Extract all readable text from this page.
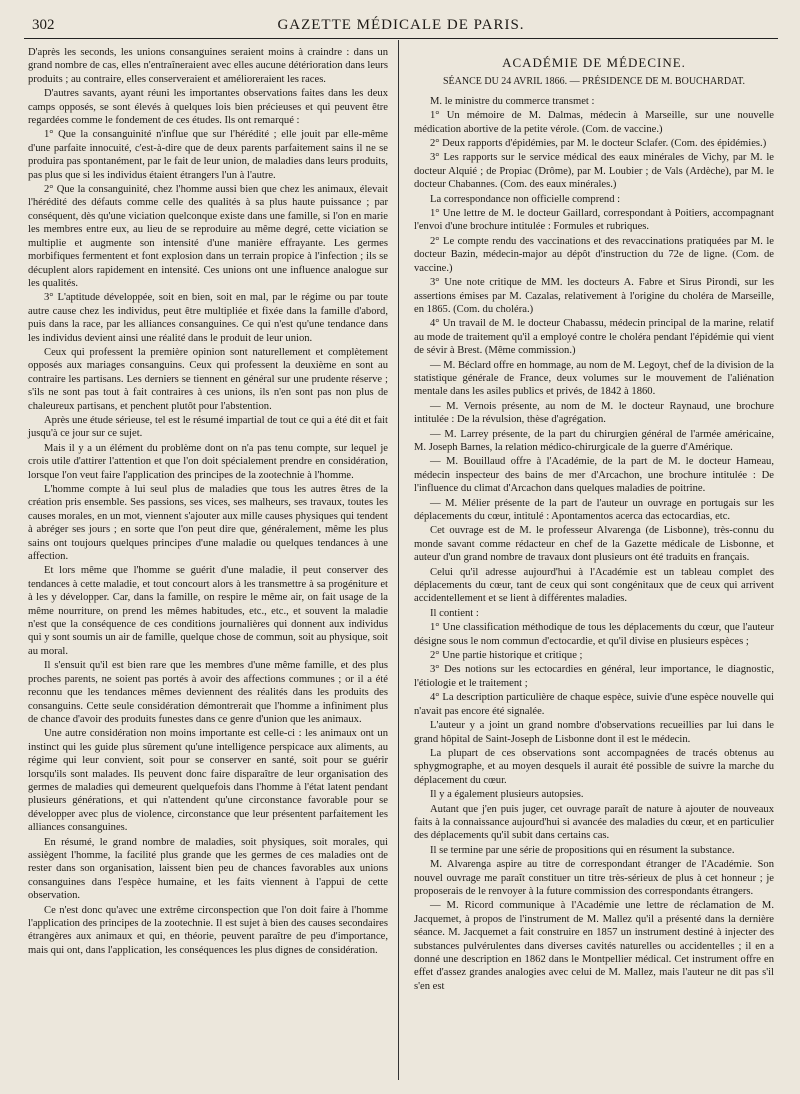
302	GAZETTE MÉDICALE DE PARIS.

D'après les seconds, les unions consanguines seraient moins à craindre : dans un grand nombre de cas, elles n'entraîneraient avec elles aucune détérioration dans leurs produits ; au contraire, elles conserveraient et amélioreraient les races.

D'autres savants, ayant réuni les importantes observations faites dans les deux camps opposés, se sont élevés à quelques lois bien précieuses et qui peuvent être regardées comme le fondement de ces études. Ils ont remarqué :

1° Que la consanguinité n'influe que sur l'hérédité ; elle jouit par elle-même d'une parfaite innocuité, c'est-à-dire que de deux parents parfaitement sains il ne se produira pas spontanément, par le fait de leur union, de maladies dans leurs produits, pas plus que si les individus étaient étrangers l'un à l'autre.

2° Que la consanguinité, chez l'homme aussi bien que chez les animaux, élevait l'hérédité des défauts comme celle des qualités à sa plus haute puissance ; par conséquent, dès qu'une viciation quelconque existe dans une famille, si l'on en marie les membres entre eux, au lieu de se reproduire au même degré, cette viciation se multiplie et augmente son intensité d'une manière effrayante. Les germes morbifiques fermentent et font explosion dans un terrain propice à l'infection ; ils se décuplent alors rapidement en intensité. Ces unions ont une influence analogue sur les qualités.

3° L'aptitude développée, soit en bien, soit en mal, par le régime ou par toute autre cause chez les individus, peut être multipliée et fixée dans la famille d'abord, puis dans la race, par les alliances consanguines. Ce qui n'est qu'une tendance dans les individus devient ainsi une réalité dans le produit de leur union.

Ceux qui professent la première opinion sont naturellement et complètement opposés aux mariages consanguins. Ceux qui professent la deuxième en sont au contraire les partisans. Les derniers se tiennent en général sur une prudente réserve ; s'ils ne sont pas tout à fait contraires à ces unions, ils n'en sont pas non plus de chaleureux partisans, et penchent plutôt pour l'abstention.

Après une étude sérieuse, tel est le résumé impartial de tout ce qui a été dit et fait jusqu'à ce jour sur ce sujet.

Mais il y a un élément du problème dont on n'a pas tenu compte, sur lequel je crois utile d'attirer l'attention et que l'on doit spécialement prendre en considération, lorsque l'on veut faire l'application des principes de la zootechnie à l'homme.

L'homme compte à lui seul plus de maladies que tous les autres êtres de la création pris ensemble. Ses passions, ses vices, ses malheurs, ses travaux, toutes les causes morales, en un mot, viennent s'ajouter aux mille causes physiques qui tendent à abréger ses jours ; en sorte que l'on peut dire que, généralement, même les plus sains ont toujours quelques principes d'une maladie ou quelques tendances à une affection.

Et lors même que l'homme se guérit d'une maladie, il peut conserver des tendances à cette maladie, et tout concourt alors à les transmettre à sa progéniture et à les y développer. Car, dans la famille, on respire le même air, on fait usage de la même nourriture, on prend les mêmes habitudes, etc., etc., et souvent la maladie n'est que la conséquence de ces conditions journalières qui donnent aux individus qui y sont soumis un air de famille, quelque chose de commun, soit au physique, soit au moral.

Il s'ensuit qu'il est bien rare que les membres d'une même famille, et des plus proches parents, ne soient pas portés à avoir des affections communes ; or il a été reconnu que les tendances mêmes deviennent des réalités dans les produits des consanguins. Cette seule considération démontrerait que l'homme a infiniment plus de chance d'avoir des produits funestes dans ce genre d'union que les animaux.

Une autre considération non moins importante est celle-ci : les animaux ont un instinct qui les guide plus sûrement qu'une intelligence perspicace aux aliments, au régime qui leur convient, soit pour se conserver en santé, soit pour se guérir lorsqu'ils sont malades. Ils peuvent donc faire disparaître de leur organisation des germes de maladies qui demeurent quelquefois dans l'homme à l'état latent pendant plusieurs générations, et qui n'attendent qu'une circonstance favorable pour se développer avec plus de violence, circonstance que leur présentent parfaitement les alliances consanguines.

En résumé, le grand nombre de maladies, soit physiques, soit morales, qui assiègent l'homme, la facilité plus grande que les germes de ces maladies ont de rester dans son organisation, laissent bien peu de chances favorables aux unions consanguines dans l'espèce humaine, et les faits viennent à l'appui de cette observation.

Ce n'est donc qu'avec une extrême circonspection que l'on doit faire à l'homme l'application des principes de la zootechnie. Il est sujet à bien des causes secondaires étrangères aux animaux et qui, en théorie, peuvent paraître de peu d'importance, mais qui ont, dans l'application, les conséquences les plus dignes de considération.

ACADÉMIE DE MÉDECINE.
SÉANCE DU 24 AVRIL 1866. — PRÉSIDENCE DE M. BOUCHARDAT.

M. le ministre du commerce transmet :

1° Un mémoire de M. Dalmas, médecin à Marseille, sur une nouvelle médication abortive de la petite vérole. (Com. de vaccine.)

2° Deux rapports d'épidémies, par M. le docteur Sclafer. (Com. des épidémies.)

3° Les rapports sur le service médical des eaux minérales de Vichy, par M. le docteur Alquié ; de Propiac (Drôme), par M. Loubier ; de Vals (Ardèche), par M. le docteur Chabannes. (Com. des eaux minérales.)

La correspondance non officielle comprend :

1° Une lettre de M. le docteur Gaillard, correspondant à Poitiers, accompagnant l'envoi d'une brochure intitulée : Formules et rubriques.

2° Le compte rendu des vaccinations et des revaccinations pratiquées par M. le docteur Bazin, médecin-major au dépôt d'instruction du 72e de ligne. (Com. de vaccine.)

3° Une note critique de MM. les docteurs A. Fabre et Sirus Pirondi, sur les assertions émises par M. Cazalas, relativement à l'origine du choléra de Marseille, en 1865. (Com. du choléra.)

4° Un travail de M. le docteur Chabassu, médecin principal de la marine, relatif au mode de traitement qu'il a employé contre le choléra pendant l'épidémie qui vient de sévir à Brest. (Même commission.)

— M. Béclard offre en hommage, au nom de M. Legoyt, chef de la division de la statistique générale de France, deux volumes sur le mouvement de l'aliénation mentale dans les asiles publics et privés, de 1842 à 1860.

— M. Vernois présente, au nom de M. le docteur Raynaud, une brochure intitulée : De la révulsion, thèse d'agrégation.

— M. Larrey présente, de la part du chirurgien général de l'armée américaine, M. Joseph Barnes, la relation médico-chirurgicale de la guerre d'Amérique.

— M. Bouillaud offre à l'Académie, de la part de M. le docteur Hameau, médecin inspecteur des bains de mer d'Arcachon, une brochure intitulée : De l'influence du climat d'Arcachon dans quelques maladies de poitrine.

— M. Mélier présente de la part de l'auteur un ouvrage en portugais sur les déplacements du cœur, intitulé : Apontamentos acerca das ectocardias, etc.

Cet ouvrage est de M. le professeur Alvarenga (de Lisbonne), très-connu du monde savant comme rédacteur en chef de la Gazette médicale de Lisbonne, et auteur d'un grand nombre de travaux dont plusieurs ont été traduits en français.

Celui qu'il adresse aujourd'hui à l'Académie est un tableau complet des déplacements du cœur, tant de ceux qui sont congénitaux que de ceux qui arrivent accidentellement et se lient à différentes maladies.

Il contient :

1° Une classification méthodique de tous les déplacements du cœur, que l'auteur désigne sous le nom commun d'ectocardie, et qu'il divise en plusieurs espèces ;

2° Une partie historique et critique ;

3° Des notions sur les ectocardies en général, leur importance, le diagnostic, l'étiologie et le traitement ;

4° La description particulière de chaque espèce, suivie d'une espèce nouvelle qui n'avait pas encore été signalée.

L'auteur y a joint un grand nombre d'observations recueillies par lui dans le grand hôpital de Saint-Joseph de Lisbonne dont il est le médecin.

La plupart de ces observations sont accompagnées de tracés obtenus au sphygmographe, et au moyen desquels il aurait été possible de suivre la marche du déplacement du cœur.

Il y a également plusieurs autopsies.

Autant que j'en puis juger, cet ouvrage paraît de nature à ajouter de nouveaux faits à la connaissance aujourd'hui si avancée des maladies du cœur, et en particulier des déplacements qu'il subit dans certains cas.

Il se termine par une série de propositions qui en résument la substance.

M. Alvarenga aspire au titre de correspondant étranger de l'Académie. Son nouvel ouvrage me paraît constituer un titre très-sérieux de plus à cet honneur ; je proposerais de le renvoyer à la future commission des correspondants étrangers.

— M. Ricord communique à l'Académie une lettre de réclamation de M. Jacquemet, à propos de l'instrument de M. Mallez qu'il a présenté dans la dernière séance. M. Jacquemet a fait construire en 1857 un instrument destiné à injecter des substances pulvérulentes dans diverses cavités naturelles ou accidentelles ; il en a donné une description en 1862 dans le Montpellier médical. Cet instrument offre en effet d'assez grandes analogies avec celui de M. Mallez, mais l'auteur ne dit pas s'il s'en est
